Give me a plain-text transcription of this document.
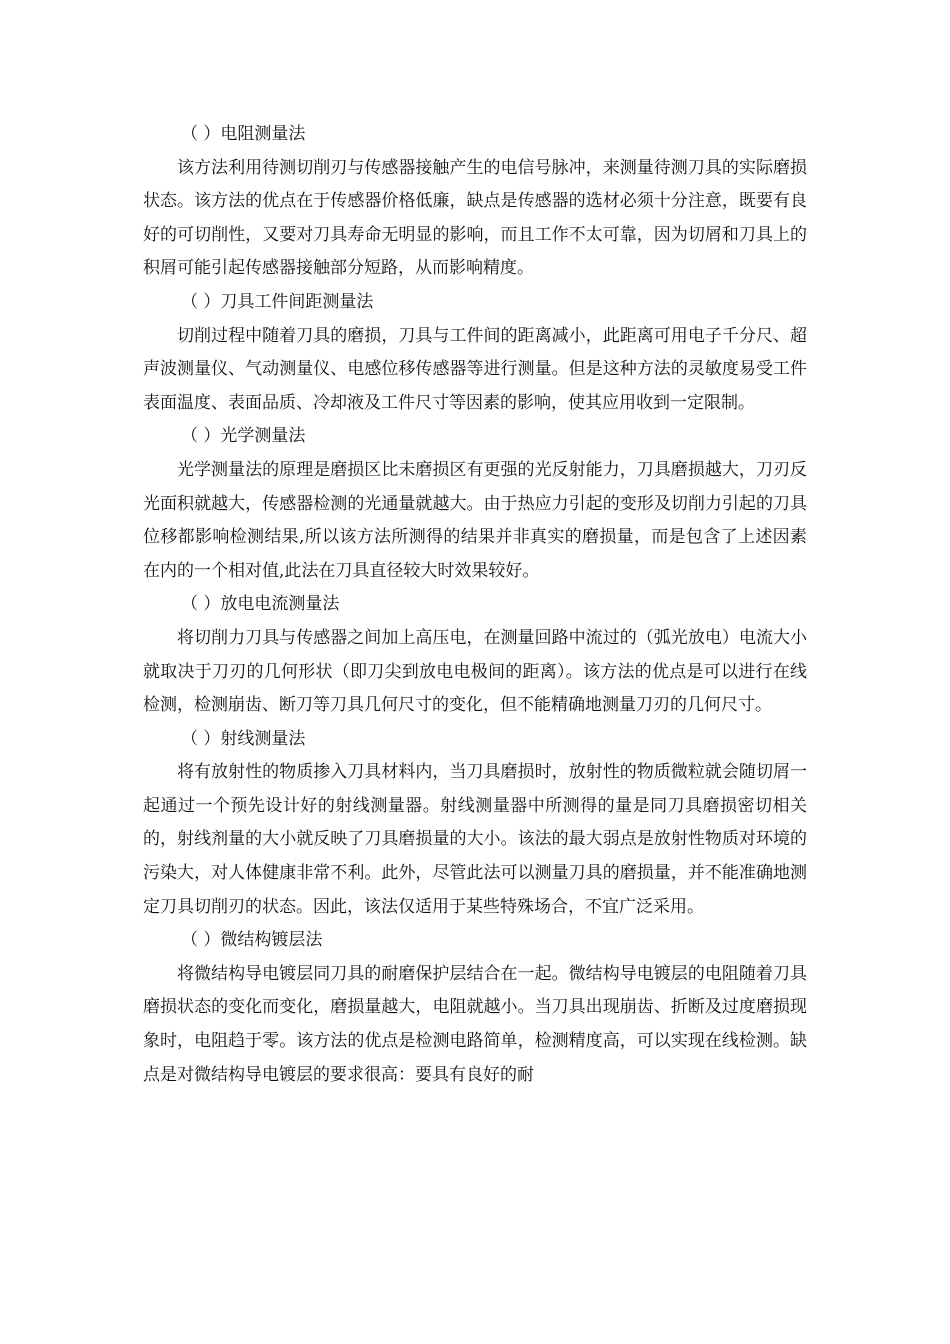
（ ）电阻测量法

该方法利用待测切削刃与传感器接触产生的电信号脉冲，来测量待测刀具的实际磨损状态。该方法的优点在于传感器价格低廉，缺点是传感器的选材必须十分注意，既要有良好的可切削性，又要对刀具寿命无明显的影响，而且工作不太可靠，因为切屑和刀具上的积屑可能引起传感器接触部分短路，从而影响精度。

（ ）刀具工件间距测量法

切削过程中随着刀具的磨损，刀具与工件间的距离减小，此距离可用电子千分尺、超声波测量仪、气动测量仪、电感位移传感器等进行测量。但是这种方法的灵敏度易受工件表面温度、表面品质、冷却液及工件尺寸等因素的影响，使其应用收到一定限制。

（ ）光学测量法

光学测量法的原理是磨损区比未磨损区有更强的光反射能力，刀具磨损越大，刀刃反光面积就越大，传感器检测的光通量就越大。由于热应力引起的变形及切削力引起的刀具位移都影响检测结果,所以该方法所测得的结果并非真实的磨损量，而是包含了上述因素在内的一个相对值,此法在刀具直径较大时效果较好。

（ ）放电电流测量法

将切削力刀具与传感器之间加上高压电，在测量回路中流过的（弧光放电）电流大小就取决于刀刃的几何形状（即刀尖到放电电极间的距离）。该方法的优点是可以进行在线检测，检测崩齿、断刀等刀具几何尺寸的变化，但不能精确地测量刀刃的几何尺寸。

（ ）射线测量法

将有放射性的物质掺入刀具材料内，当刀具磨损时，放射性的物质微粒就会随切屑一起通过一个预先设计好的射线测量器。射线测量器中所测得的量是同刀具磨损密切相关的，射线剂量的大小就反映了刀具磨损量的大小。该法的最大弱点是放射性物质对环境的污染大，对人体健康非常不利。此外，尽管此法可以测量刀具的磨损量，并不能准确地测定刀具切削刃的状态。因此，该法仅适用于某些特殊场合，不宜广泛采用。

（ ）微结构镀层法

将微结构导电镀层同刀具的耐磨保护层结合在一起。微结构导电镀层的电阻随着刀具磨损状态的变化而变化，磨损量越大，电阻就越小。当刀具出现崩齿、折断及过度磨损现象时，电阻趋于零。该方法的优点是检测电路简单，检测精度高，可以实现在线检测。缺点是对微结构导电镀层的要求很高：要具有良好的耐
